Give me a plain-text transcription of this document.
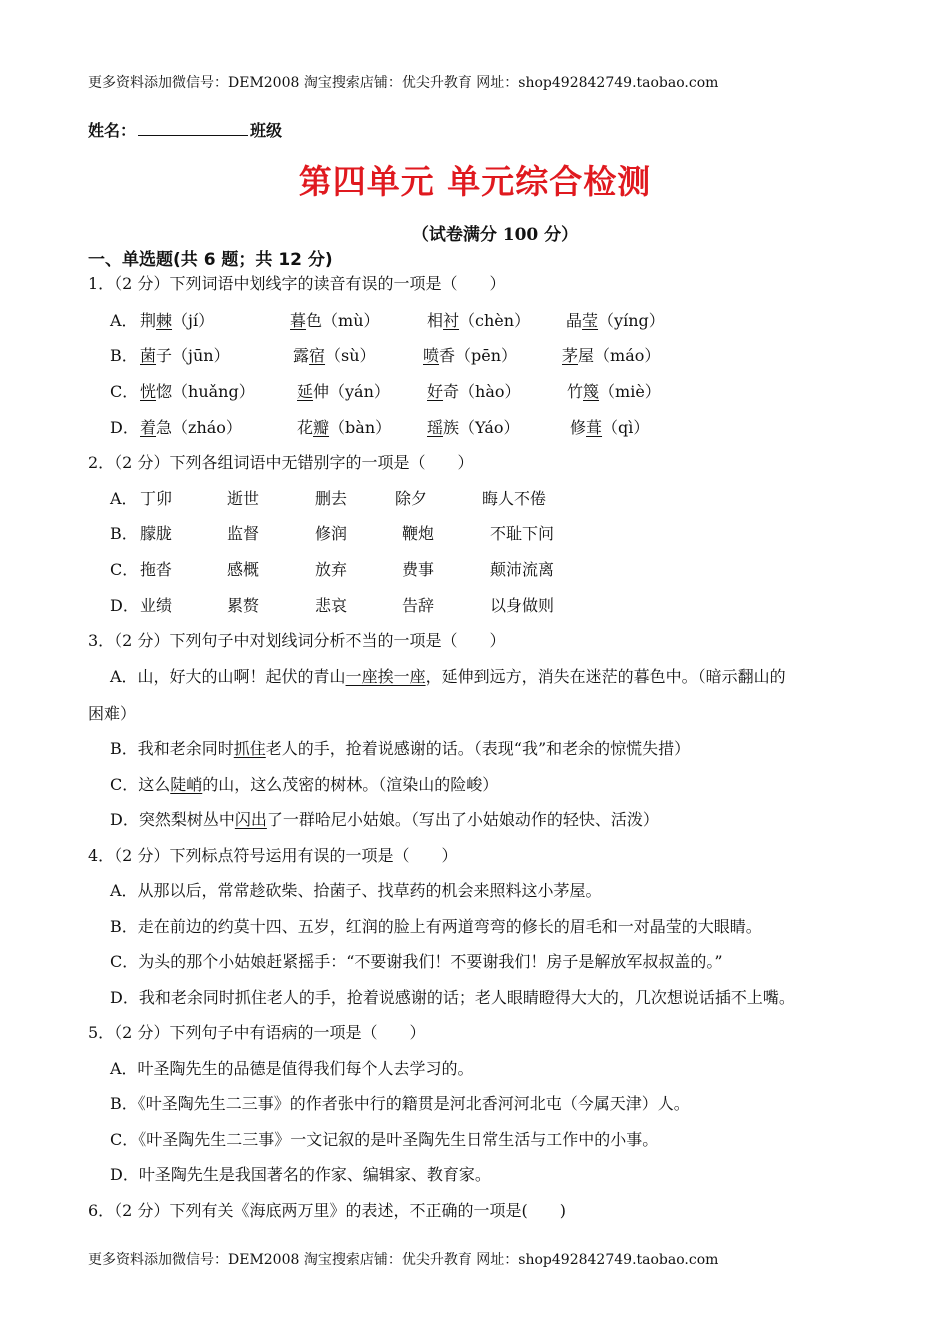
更多资料添加微信号：DEM2008 淘宝搜索店铺：优尖升教育 网址：shop492842749.taobao.com
姓名：	班级
第四单元 单元综合检测
（试卷满分 100 分）
一、单选题(共 6 题；共 12 分)
1．（2 分）下列词语中划线字的读音有误的一项是（　　）
A． 荆棘（jí）	暮色（mù）	相衬（chèn） 晶莹（yíng）
B． 菌子（jūn）	露宿（sù）	喷香（pēn）	茅屋（máo）
C． 恍惚（huǎng）	延伸（yán） 好奇（hào）	竹篾（miè）
D． 着急（zháo）	花瓣（bàn） 瑶族（Yáo）	修葺（qì）
2．（2 分）下列各组词语中无错别字的一项是（　　）
A． 丁卯	逝世	删去	除夕	晦人不倦
B． 朦胧	监督	修润	鞭炮	不耻下问
C． 拖沓	感概	放弃	费事	颠沛流离
D． 业绩	累赘	悲哀	告辞	以身做则
3．（2 分）下列句子中对划线词分析不当的一项是（　　）
A．山，好大的山啊！起伏的青山一座挨一座，延伸到远方，消失在迷茫的暮色中。（暗示翻山的
困难）
B．我和老余同时抓住老人的手，抢着说感谢的话。（表现“我”和老余的惊慌失措）
C．这么陡峭的山，这么茂密的树林。（渲染山的险峻）
D．突然梨树丛中闪出了一群哈尼小姑娘。（写出了小姑娘动作的轻快、活泼）
4．（2 分）下列标点符号运用有误的一项是（　　）
A．从那以后，常常趁砍柴、拾菌子、找草药的机会来照料这小茅屋。
B．走在前边的约莫十四、五岁，红润的脸上有两道弯弯的修长的眉毛和一对晶莹的大眼睛。
C．为头的那个小姑娘赶紧摇手：“不要谢我们！不要谢我们！房子是解放军叔叔盖的。”
D．我和老余同时抓住老人的手，抢着说感谢的话；老人眼睛瞪得大大的，几次想说话插不上嘴。
5．（2 分）下列句子中有语病的一项是（　　）
A．叶圣陶先生的品德是值得我们每个人去学习的。
B．《叶圣陶先生二三事》的作者张中行的籍贯是河北香河河北屯（今属天津）人。
C．《叶圣陶先生二三事》一文记叙的是叶圣陶先生日常生活与工作中的小事。
D．叶圣陶先生是我国著名的作家、编辑家、教育家。
6．（2 分）下列有关《海底两万里》的表述，不正确的一项是(　　)
更多资料添加微信号：DEM2008 淘宝搜索店铺：优尖升教育 网址：shop492842749.taobao.com
